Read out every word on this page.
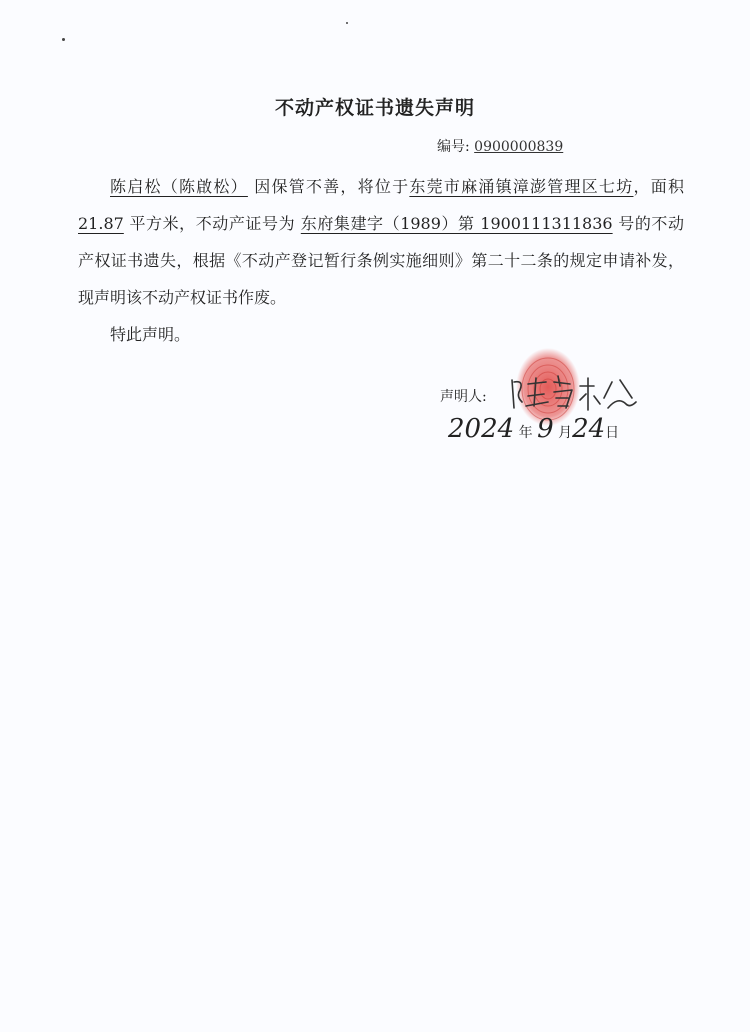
不动产权证书遗失声明
编号: 0900000839

陈启松（陈啟松） 因保管不善，将位于东莞市麻涌镇漳澎管理区七坊，面积 21.87 平方米，不动产证号为 东府集建字（1989）第 1900111311836 号的不动产权证书遗失，根据《不动产登记暂行条例实施细则》第二十二条的规定申请补发，现声明该不动产权证书作废。

特此声明。

声明人:
2024 年 9 月24日
